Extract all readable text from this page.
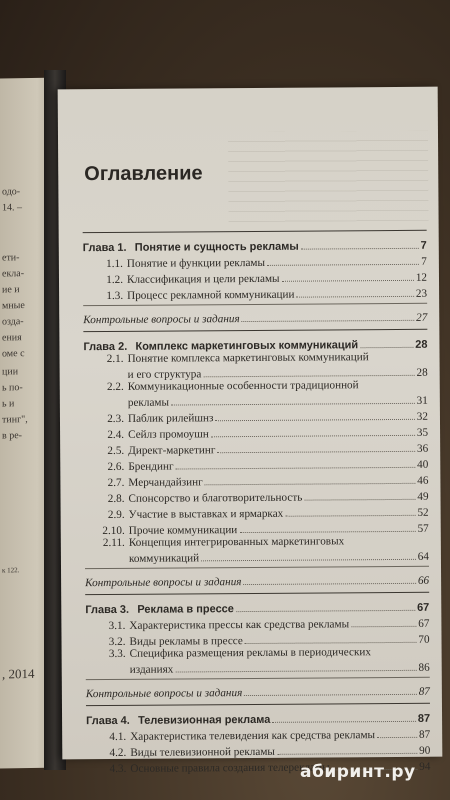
одо-
14. –
ети-
екла-
ие и
мные
озда-
ения
оме с
ции
ь по-
ь и
тинг",
в ре-
к 122.
, 2014
Оглавление
Глава 1. Понятие и сущность рекламы	7
1.1. Понятие и функции рекламы	7
1.2. Классификация и цели рекламы	12
1.3. Процесс рекламной коммуникации	23
Контрольные вопросы и задания	27
Глава 2. Комплекс маркетинговых коммуникаций	28
2.1. Понятие комплекса маркетинговых коммуникаций
и его структура	28
2.2. Коммуникационные особенности традиционной
рекламы	31
2.3. Паблик рилейшнз	32
2.4. Сейлз промоушн	35
2.5. Директ-маркетинг	36
2.6. Брендинг	40
2.7. Мерчандайзинг	46
2.8. Спонсорство и благотворительность	49
2.9. Участие в выставках и ярмарках	52
2.10. Прочие коммуникации	57
2.11. Концепция интегрированных маркетинговых
коммуникаций	64
Контрольные вопросы и задания	66
Глава 3. Реклама в прессе	67
3.1. Характеристика прессы как средства рекламы	67
3.2. Виды рекламы в прессе	70
3.3. Специфика размещения рекламы в периодических
изданиях	86
Контрольные вопросы и задания	87
Глава 4. Телевизионная реклама	87
4.1. Характеристика телевидения как средства рекламы	87
4.2. Виды телевизионной рекламы	90
4.3. Основные правила создания телерекламы	94
абиринт.ру
